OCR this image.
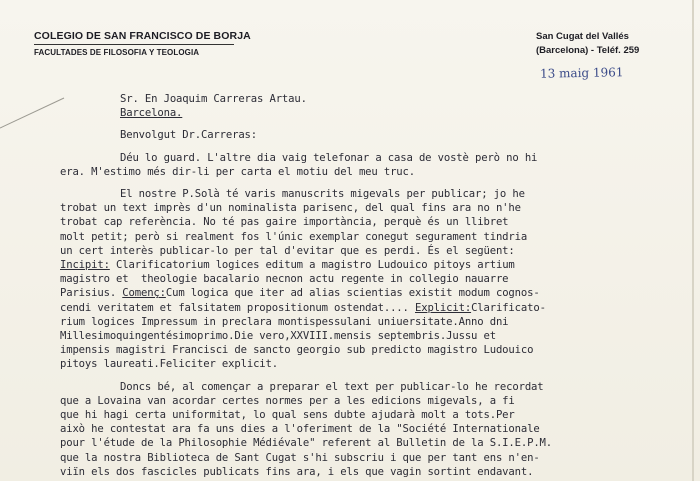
COLEGIO DE SAN FRANCISCO DE BORJA
FACULTADES DE FILOSOFIA Y TEOLOGIA
San Cugat del Vallés
(Barcelona) - Teléf. 259
13 maig 1961

Sr. En Joaquim Carreras Artau.

Barcelona.

Benvolgut Dr.Carreras:

Déu lo guard. L'altre dia vaig telefonar a casa de vostè però no hi

era. M'estimo més dir-li per carta el motiu del meu truc.

El nostre P.Solà té varis manuscrits migevals per publicar; jo he

trobat un text imprès d'un nominalista parisenc, del qual fins ara no n'he

trobat cap referència. No té pas gaire importància, perquè és un llibret

molt petit; però si realment fos l'únic exemplar conegut segurament tindria

un cert interès publicar-lo per tal d'evitar que es perdi. És el següent:

Incipit: Clarificatorium logices editum a magistro Ludouico pitoys artium

magistro et  theologie bacalario necnon actu regente in collegio nauarre

Parisius. Començ:Cum logica que iter ad alias scientias existit modum cognos-

cendi veritatem et falsitatem propositionum ostendat.... Explicit:Clarificato-

rium logices Impressum in preclara montispessulani uniuersitate.Anno dni

Millesimoquingentésimoprimo.Die vero,XXVIII.mensis septembris.Jussu et

impensis magistri Francisci de sancto georgio sub predicto magistro Ludouico

pitoys laureati.Feliciter explicit.

Doncs bé, al començar a preparar el text per publicar-lo he recordat

que a Lovaina van acordar certes normes per a les edicions migevals, a fi

que hi hagi certa uniformitat, lo qual sens dubte ajudarà molt a tots.Per

això he contestat ara fa uns dies a l'oferiment de la "Société Internationale

pour l'étude de la Philosophie Médiévale" referent al Bulletin de la S.I.E.P.M.

que la nostra Biblioteca de Sant Cugat s'hi subscriu i que per tant ens n'en-

viïn els dos fascicles publicats fins ara, i els que vagin sortint endavant.
